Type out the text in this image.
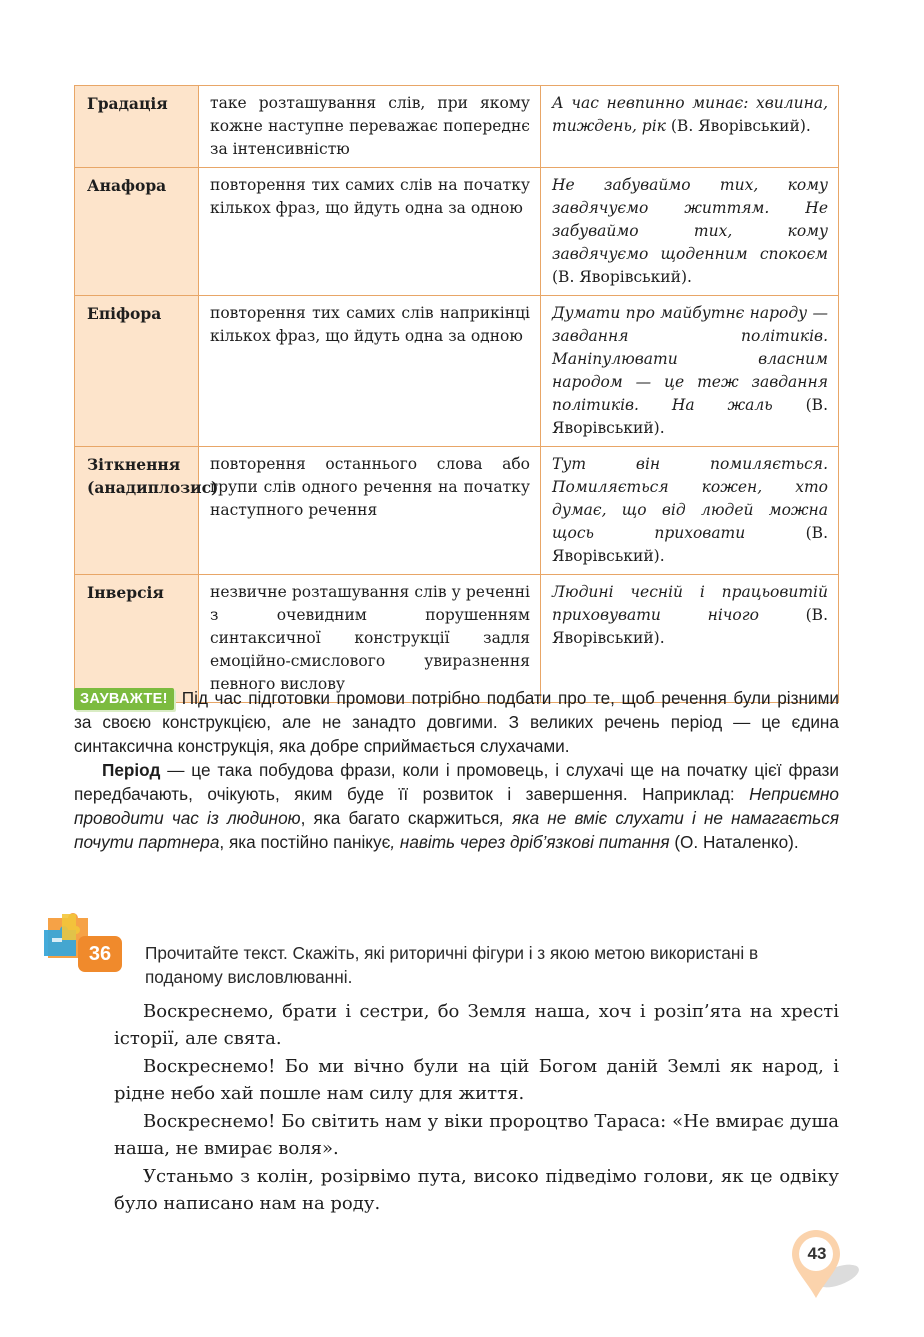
Градація	таке розташування слів, при якому кожне наступне переважає попереднє за інтенсивністю	А час невпинно минає: хвилина, тиждень, рік (В. Яворівський).
Анафора	повторення тих самих слів на початку кількох фраз, що йдуть одна за одною	Не забуваймо тих, кому завдячуємо життям. Не забуваймо тих, кому завдячуємо щоденним спокоєм (В. Яворівський).
Епіфора	повторення тих самих слів наприкінці кількох фраз, що йдуть одна за одною	Думати про майбутнє народу — завдання політиків. Маніпулювати власним народом — це теж завдання політиків. На жаль (В. Яворівський).
Зіткнення (анадиплозис)	повторення останнього слова або групи слів одного речення на початку наступного речення	Тут він помиляється. Помиляється кожен, хто думає, що від людей можна щось приховати (В. Яворівський).
Інверсія	незвичне розташування слів у реченні з очевидним порушенням синтаксичної конструкції задля емоційно-смислового увиразнення певного вислову	Людині чесній і працьовитій приховувати нічого (В. Яворівський).

ЗАУВАЖТЕ! Під час підготовки промови потрібно подбати про те, щоб речення були різними за своєю конструкцією, але не занадто довгими. З великих речень період — це єдина синтаксична конструкція, яка добре сприймається слухачами.

Період — це така побудова фрази, коли і промовець, і слухачі ще на початку цієї фрази передбачають, очікують, яким буде її розвиток і завершення. Наприклад: Неприємно проводити час із людиною, яка багато скаржиться, яка не вміє слухати і не намагається почути партнера, яка постійно панікує, навіть через дріб’язкові питання (О. Наталенко).

36	Прочитайте текст. Скажіть, які риторичні фігури і з якою метою використані в поданому висловлюванні.

Воскреснемо, брати і сестри, бо Земля наша, хоч і розіп’ята на хресті історії, але свята.

Воскреснемо! Бо ми вічно були на цій Богом даній Землі як народ, і рідне небо хай пошле нам силу для життя.

Воскреснемо! Бо світить нам у віки пророцтво Тараса: «Не вмирає душа наша, не вмирає воля».

Устаньмо з колін, розірвімо пута, високо підведімо голови, як це одвіку було написано нам на роду.

43
